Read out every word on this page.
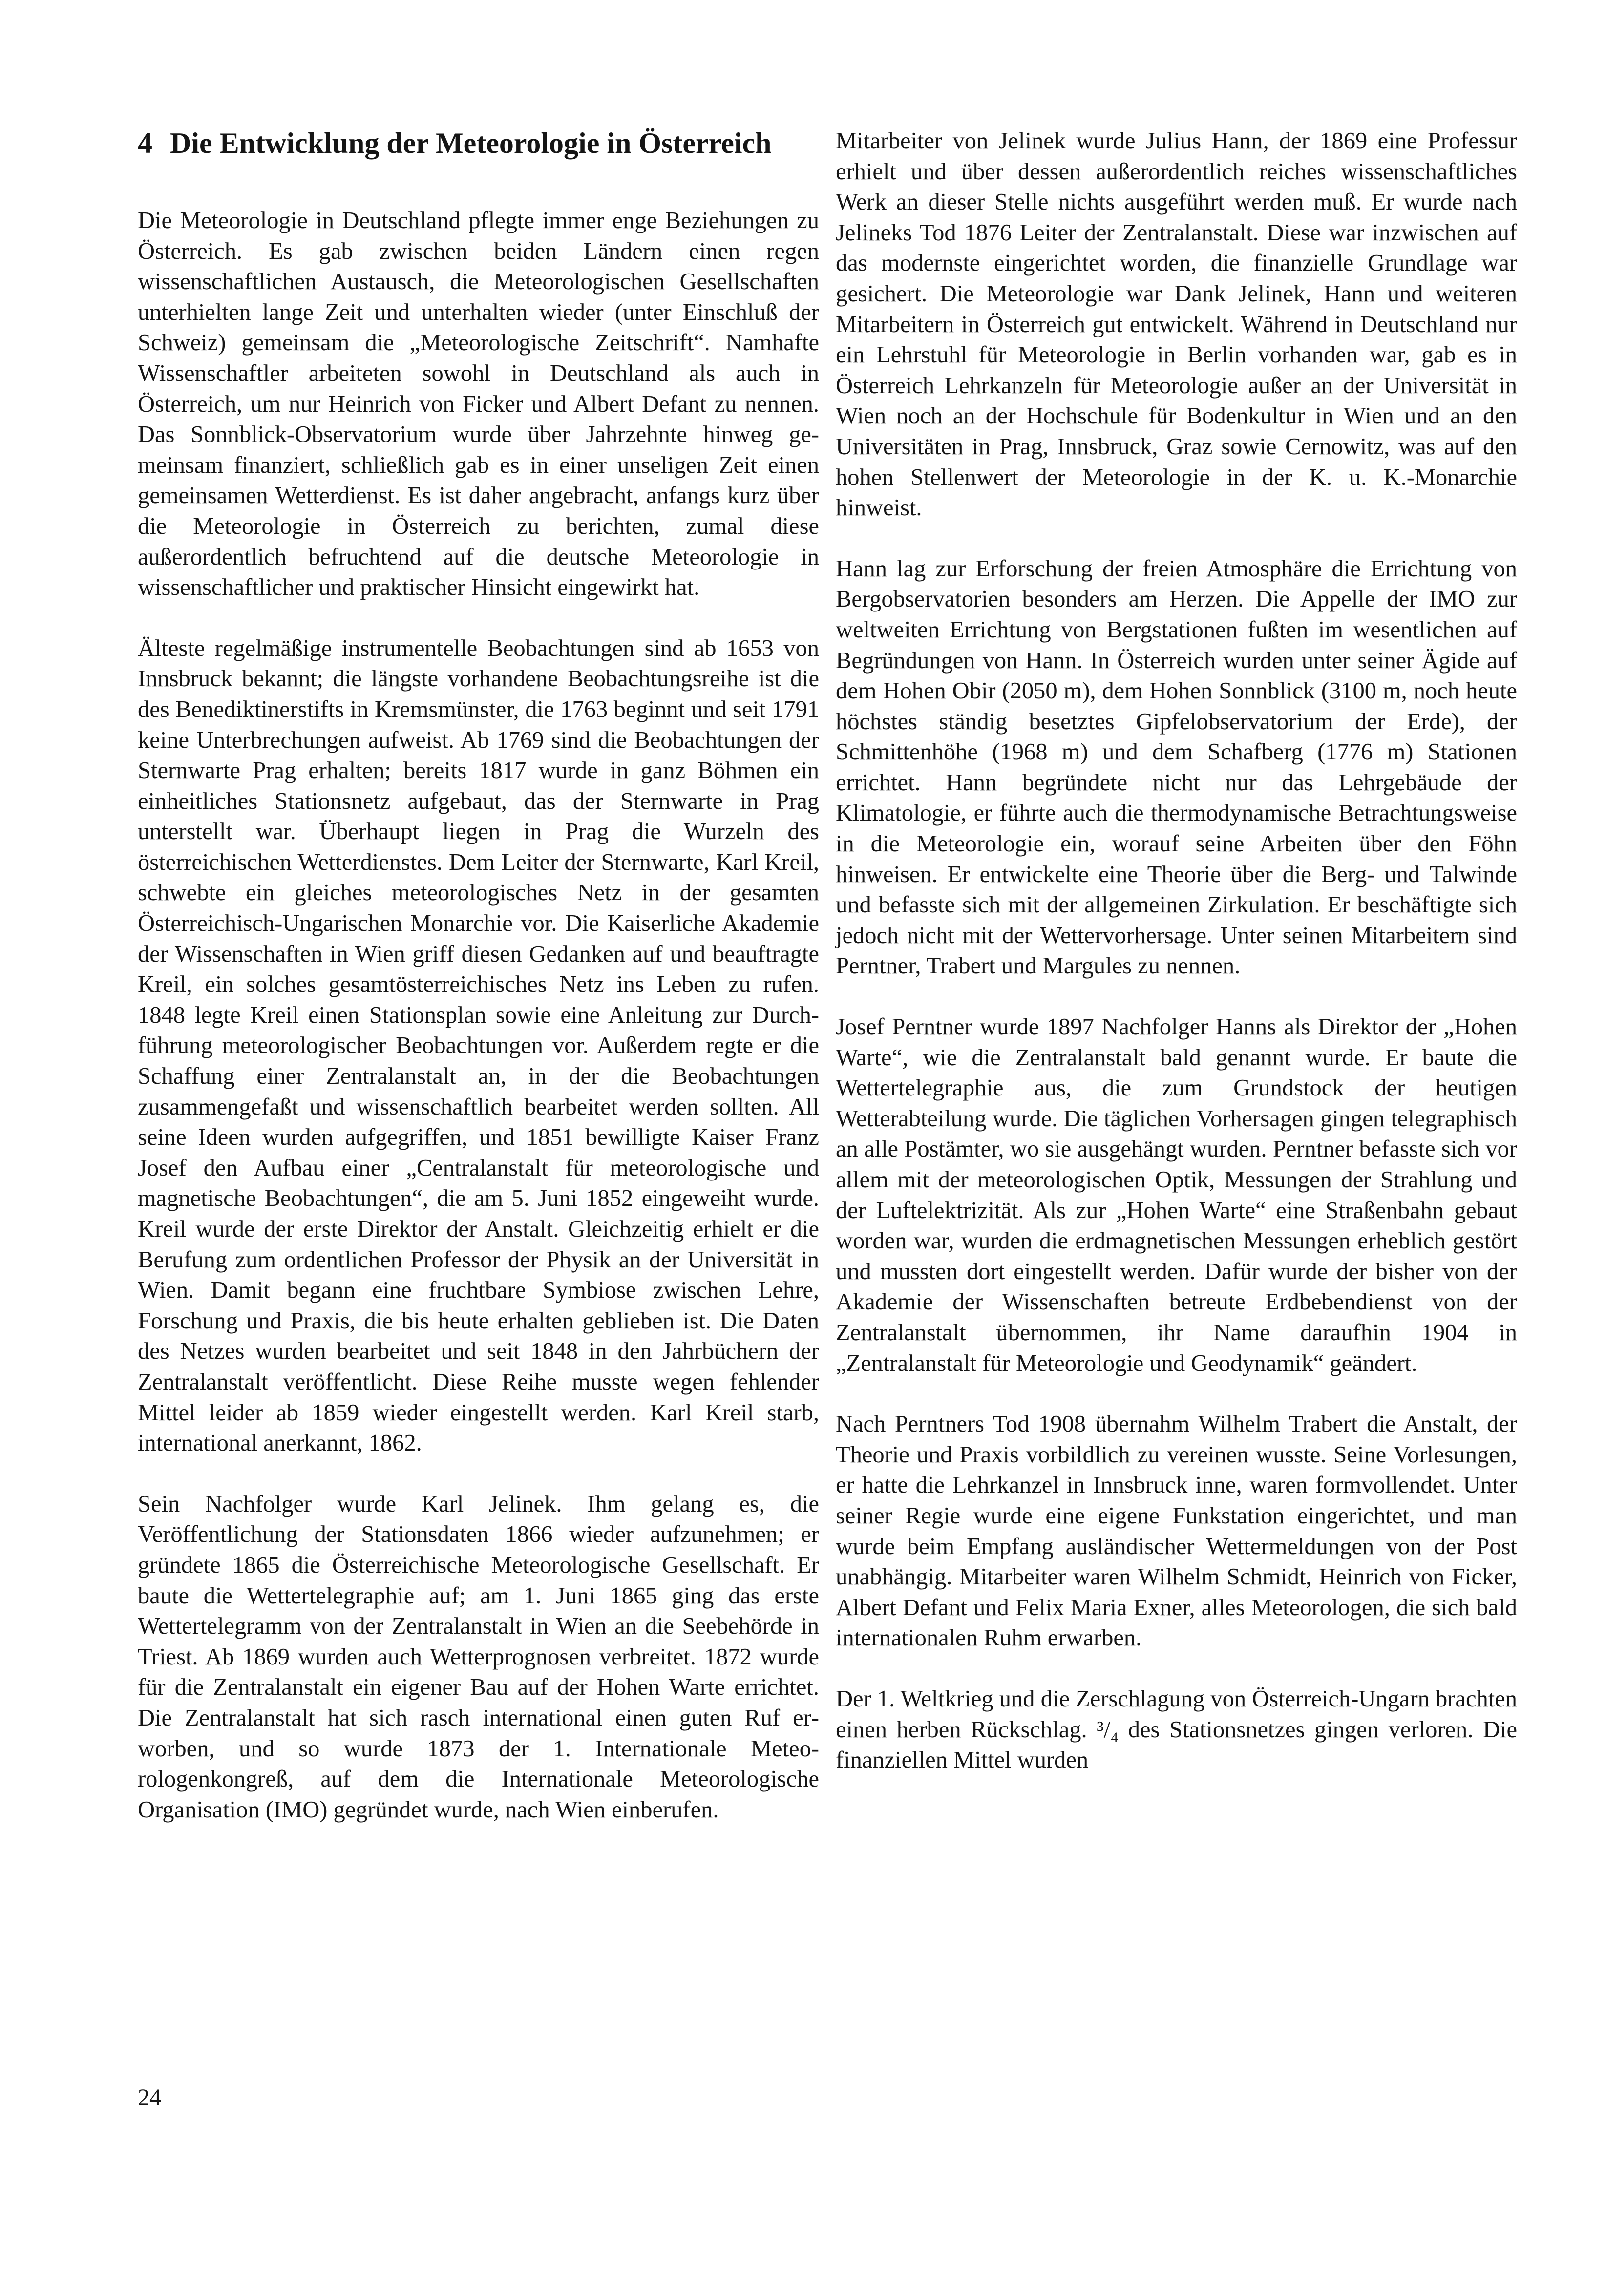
4 Die Entwicklung der Meteorologie in Österreich

Die Meteorologie in Deutschland pflegte immer enge Beziehungen zu Österreich. Es gab zwischen beiden Ländern einen regen wissenschaftlichen Austausch, die Meteorologischen Gesellschaften unterhielten lange Zeit und unterhalten wieder (unter Einschluß der Schweiz) gemeinsam die „Meteorologische Zeitschrift“. Namhafte Wissenschaftler arbeiteten sowohl in Deutschland als auch in Österreich, um nur Heinrich von Ficker und Albert Defant zu nennen. Das Sonnblick-Observatorium wurde über Jahrzehnte hinweg gemeinsam finanziert, schließlich gab es in einer unseligen Zeit einen gemeinsamen Wetterdienst. Es ist daher angebracht, anfangs kurz über die Meteorologie in Österreich zu berichten, zumal diese außerordentlich befruchtend auf die deutsche Meteorologie in wissenschaftlicher und praktischer Hinsicht eingewirkt hat.

Älteste regelmäßige instrumentelle Beobachtungen sind ab 1653 von Innsbruck bekannt; die längste vorhandene Beobachtungsreihe ist die des Benediktinerstifts in Kremsmünster, die 1763 beginnt und seit 1791 keine Unterbrechungen aufweist. Ab 1769 sind die Beobachtungen der Sternwarte Prag erhalten; bereits 1817 wurde in ganz Böhmen ein einheitliches Stationsnetz aufgebaut, das der Sternwarte in Prag unterstellt war. Überhaupt liegen in Prag die Wurzeln des österreichischen Wetterdienstes. Dem Leiter der Sternwarte, Karl Kreil, schwebte ein gleiches meteorologisches Netz in der gesamten Österreichisch-Ungarischen Monarchie vor. Die Kaiserliche Akademie der Wissenschaften in Wien griff diesen Gedanken auf und beauftragte Kreil, ein solches gesamtösterreichisches Netz ins Leben zu rufen. 1848 legte Kreil einen Stationsplan sowie eine Anleitung zur Durchführung meteorologischer Beobachtungen vor. Außerdem regte er die Schaffung einer Zentralanstalt an, in der die Beobachtungen zusammengefaßt und wissenschaftlich bearbeitet werden sollten. All seine Ideen wurden aufgegriffen, und 1851 bewilligte Kaiser Franz Josef den Aufbau einer „Centralanstalt für meteorologische und magnetische Beobachtungen“, die am 5. Juni 1852 eingeweiht wurde. Kreil wurde der erste Direktor der Anstalt. Gleichzeitig erhielt er die Berufung zum ordentlichen Professor der Physik an der Universität in Wien. Damit begann eine fruchtbare Symbiose zwischen Lehre, Forschung und Praxis, die bis heute erhalten geblieben ist. Die Daten des Netzes wurden bearbeitet und seit 1848 in den Jahrbüchern der Zentralanstalt veröffentlicht. Diese Reihe musste wegen fehlender Mittel leider ab 1859 wieder eingestellt werden. Karl Kreil starb, international anerkannt, 1862.

Sein Nachfolger wurde Karl Jelinek. Ihm gelang es, die Veröffentlichung der Stationsdaten 1866 wieder aufzunehmen; er gründete 1865 die Österreichische Meteorologische Gesellschaft. Er baute die Wettertelegraphie auf; am 1. Juni 1865 ging das erste Wettertelegramm von der Zentralanstalt in Wien an die Seebehörde in Triest. Ab 1869 wurden auch Wetterprognosen verbreitet. 1872 wurde für die Zentralanstalt ein eigener Bau auf der Hohen Warte errichtet. Die Zentralanstalt hat sich rasch international einen guten Ruf erworben, und so wurde 1873 der 1. Internationale Meteorologenkongreß, auf dem die Internationale Meteorologische Organisation (IMO) gegründet wurde, nach Wien einberufen.

Mitarbeiter von Jelinek wurde Julius Hann, der 1869 eine Professur erhielt und über dessen außerordentlich reiches wissenschaftliches Werk an dieser Stelle nichts ausgeführt werden muß. Er wurde nach Jelineks Tod 1876 Leiter der Zentralanstalt. Diese war inzwischen auf das modernste eingerichtet worden, die finanzielle Grundlage war gesichert. Die Meteorologie war Dank Jelinek, Hann und weiteren Mitarbeitern in Österreich gut entwickelt. Während in Deutschland nur ein Lehrstuhl für Meteorologie in Berlin vorhanden war, gab es in Österreich Lehrkanzeln für Meteorologie außer an der Universität in Wien noch an der Hochschule für Bodenkultur in Wien und an den Universitäten in Prag, Innsbruck, Graz sowie Cernowitz, was auf den hohen Stellenwert der Meteorologie in der K. u. K.-Monarchie hinweist.

Hann lag zur Erforschung der freien Atmosphäre die Errichtung von Bergobservatorien besonders am Herzen. Die Appelle der IMO zur weltweiten Errichtung von Bergstationen fußten im wesentlichen auf Begründungen von Hann. In Österreich wurden unter seiner Ägide auf dem Hohen Obir (2050 m), dem Hohen Sonnblick (3100 m, noch heute höchstes ständig besetztes Gipfelobservatorium der Erde), der Schmittenhöhe (1968 m) und dem Schafberg (1776 m) Stationen errichtet. Hann begründete nicht nur das Lehrgebäude der Klimatologie, er führte auch die thermodynamische Betrachtungsweise in die Meteorologie ein, worauf seine Arbeiten über den Föhn hinweisen. Er entwickelte eine Theorie über die Berg- und Talwinde und befasste sich mit der allgemeinen Zirkulation. Er beschäftigte sich jedoch nicht mit der Wettervorhersage. Unter seinen Mitarbeitern sind Perntner, Trabert und Margules zu nennen.

Josef Perntner wurde 1897 Nachfolger Hanns als Direktor der „Hohen Warte“, wie die Zentralanstalt bald genannt wurde. Er baute die Wettertelegraphie aus, die zum Grundstock der heutigen Wetterabteilung wurde. Die täglichen Vorhersagen gingen telegraphisch an alle Postämter, wo sie ausgehängt wurden. Perntner befasste sich vor allem mit der meteorologischen Optik, Messungen der Strahlung und der Luftelektrizität. Als zur „Hohen Warte“ eine Straßenbahn gebaut worden war, wurden die erdmagnetischen Messungen erheblich gestört und mussten dort eingestellt werden. Dafür wurde der bisher von der Akademie der Wissenschaften betreute Erdbebendienst von der Zentralanstalt übernommen, ihr Name daraufhin 1904 in „Zentralanstalt für Meteorologie und Geodynamik“ geändert.

Nach Perntners Tod 1908 übernahm Wilhelm Trabert die Anstalt, der Theorie und Praxis vorbildlich zu vereinen wusste. Seine Vorlesungen, er hatte die Lehrkanzel in Innsbruck inne, waren formvollendet. Unter seiner Regie wurde eine eigene Funkstation eingerichtet, und man wurde beim Empfang ausländischer Wettermeldungen von der Post unabhängig. Mitarbeiter waren Wilhelm Schmidt, Heinrich von Ficker, Albert Defant und Felix Maria Exner, alles Meteorologen, die sich bald internationalen Ruhm erwarben.

Der 1. Weltkrieg und die Zerschlagung von Österreich-Ungarn brachten einen herben Rückschlag. ³/₄ des Stationsnetzes gingen verloren. Die finanziellen Mittel wurden

24
